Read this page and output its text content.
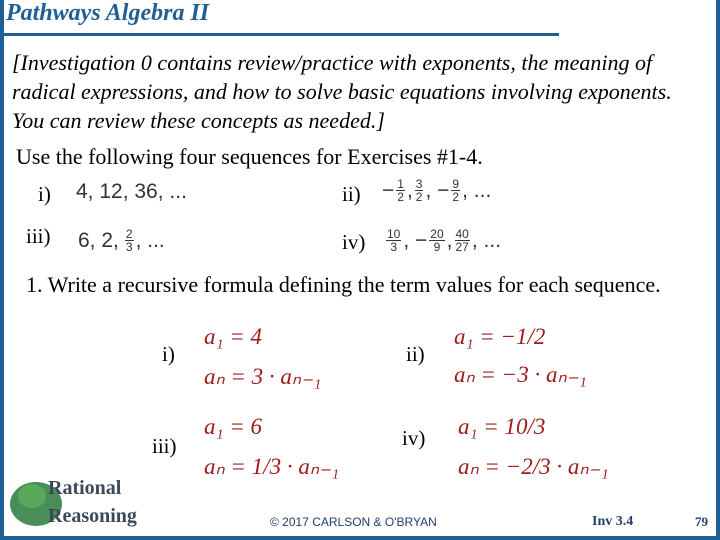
Pathways Algebra II
[Investigation 0 contains review/practice with exponents, the meaning of radical expressions, and how to solve basic equations involving exponents. You can review these concepts as needed.]
Use the following four sequences for Exercises #1-4.
i) 4, 12, 36, ...	$ii) - \frac{1}{2}$ , $\frac{3}{2}$ , − $\frac{9}{2}$ , ...
iii) 6, 2, $\frac{2}{3}$ , ...	$iv) \frac{10}{3}$ , − $\frac{20}{9}$ , $\frac{40}{27}$ , ...
1. Write a recursive formula defining the term values for each sequence.
i)
a₁ = 4
aₙ = 3 · aₙ₋₁
ii)
a₁ = −1/2
aₙ = −3 · aₙ₋₁
iii)
a₁ = 6
aₙ = 1/3 · aₙ₋₁
iv) a₁ = 10/3
aₙ = −2/3 · aₙ₋₁
Rational
Reasoning	© 2017 CARLSON & O'BRYAN	Inv 3.4	79
